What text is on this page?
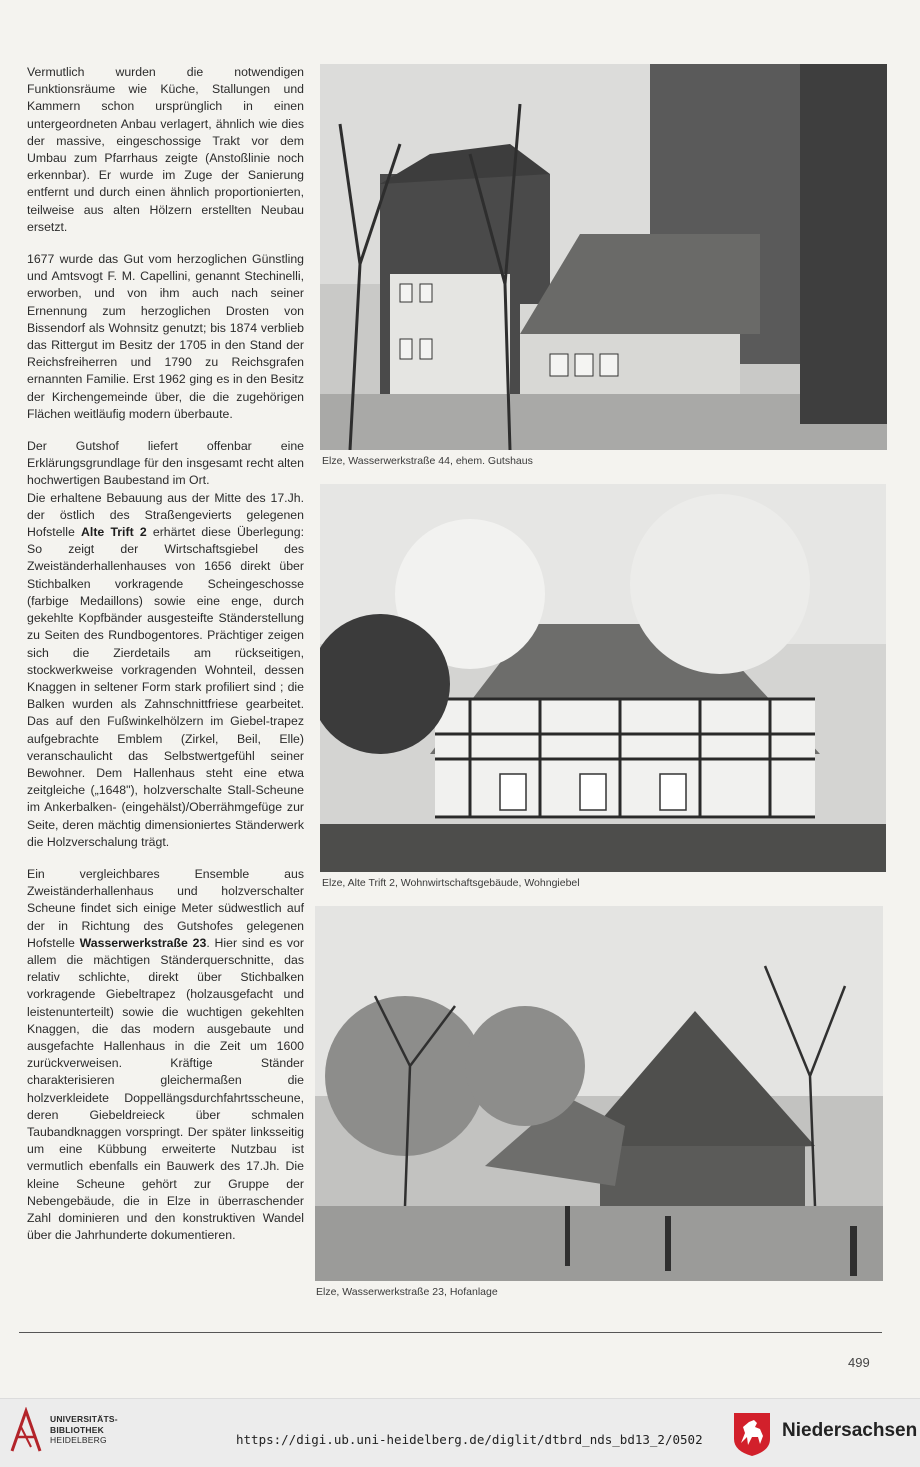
Vermutlich wurden die notwendigen Funktionsräume wie Küche, Stallungen und Kammern schon ursprünglich in einen untergeordneten Anbau verlagert, ähnlich wie dies der massive, eingeschossige Trakt vor dem Umbau zum Pfarrhaus zeigte (Anstoßlinie noch erkennbar). Er wurde im Zuge der Sanierung entfernt und durch einen ähnlich proportionierten, teilweise aus alten Hölzern erstellten Neubau ersetzt.

1677 wurde das Gut vom herzoglichen Günstling und Amtsvogt F. M. Capellini, genannt Stechinelli, erworben, und von ihm auch nach seiner Ernennung zum herzoglichen Drosten von Bissendorf als Wohnsitz genutzt; bis 1874 verblieb das Rittergut im Besitz der 1705 in den Stand der Reichsfreiherren und 1790 zu Reichsgrafen ernannten Familie. Erst 1962 ging es in den Besitz der Kirchengemeinde über, die die zugehörigen Flächen weitläufig modern überbaute.

Der Gutshof liefert offenbar eine Erklärungsgrundlage für den insgesamt recht alten hochwertigen Baubestand im Ort.

Die erhaltene Bebauung aus der Mitte des 17.Jh. der östlich des Straßengevierts gelegenen Hofstelle Alte Trift 2 erhärtet diese Überlegung: So zeigt der Wirtschaftsgiebel des Zweiständerhallenhauses von 1656 direkt über Stichbalken vorkragende Scheingeschosse (farbige Medaillons) sowie eine enge, durch gekehlte Kopfbänder ausgesteifte Ständerstellung zu Seiten des Rundbogentores. Prächtiger zeigen sich die Zierdetails am rückseitigen, stockwerkweise vorkragenden Wohnteil, dessen Knaggen in seltener Form stark profiliert sind ; die Balken wurden als Zahnschnittfriese gearbeitet. Das auf den Fußwinkelhölzern im Giebel-trapez aufgebrachte Emblem (Zirkel, Beil, Elle) veranschaulicht das Selbstwertgefühl seiner Bewohner. Dem Hallenhaus steht eine etwa zeitgleiche („1648"), holzverschalte Stall-Scheune im Ankerbalken- (eingehälst)/Oberrähmgefüge zur Seite, deren mächtig dimensioniertes Ständerwerk die Holzverschalung trägt.

Ein vergleichbares Ensemble aus Zweiständerhallenhaus und holzverschalter Scheune findet sich einige Meter südwestlich auf der in Richtung des Gutshofes gelegenen Hofstelle Wasserwerkstraße 23. Hier sind es vor allem die mächtigen Ständerquerschnitte, das relativ schlichte, direkt über Stichbalken vorkragende Giebeltrapez (holzausgefacht und leistenunterteilt) sowie die wuchtigen gekehlten Knaggen, die das modern ausgebaute und ausgefachte Hallenhaus in die Zeit um 1600 zurückverweisen. Kräftige Ständer charakterisieren gleichermaßen die holzverkleidete Doppellängsdurchfahrtsscheune, deren Giebeldreieck über schmalen Taubandknaggen vorspringt. Der später linksseitig um eine Kübbung erweiterte Nutzbau ist vermutlich ebenfalls ein Bauwerk des 17.Jh. Die kleine Scheune gehört zur Gruppe der Nebengebäude, die in Elze in überraschender Zahl dominieren und den konstruktiven Wandel über die Jahrhunderte dokumentieren.

Elze, Wasserwerkstraße 44, ehem. Gutshaus
Elze, Alte Trift 2, Wohnwirtschaftsgebäude, Wohngiebel
Elze, Wasserwerkstraße 23, Hofanlage
499
UNIVERSITÄTS-
BIBLIOTHEK
HEIDELBERG	https://digi.ub.uni-heidelberg.de/diglit/dtbrd_nds_bd13_2/0502	Niedersachsen
